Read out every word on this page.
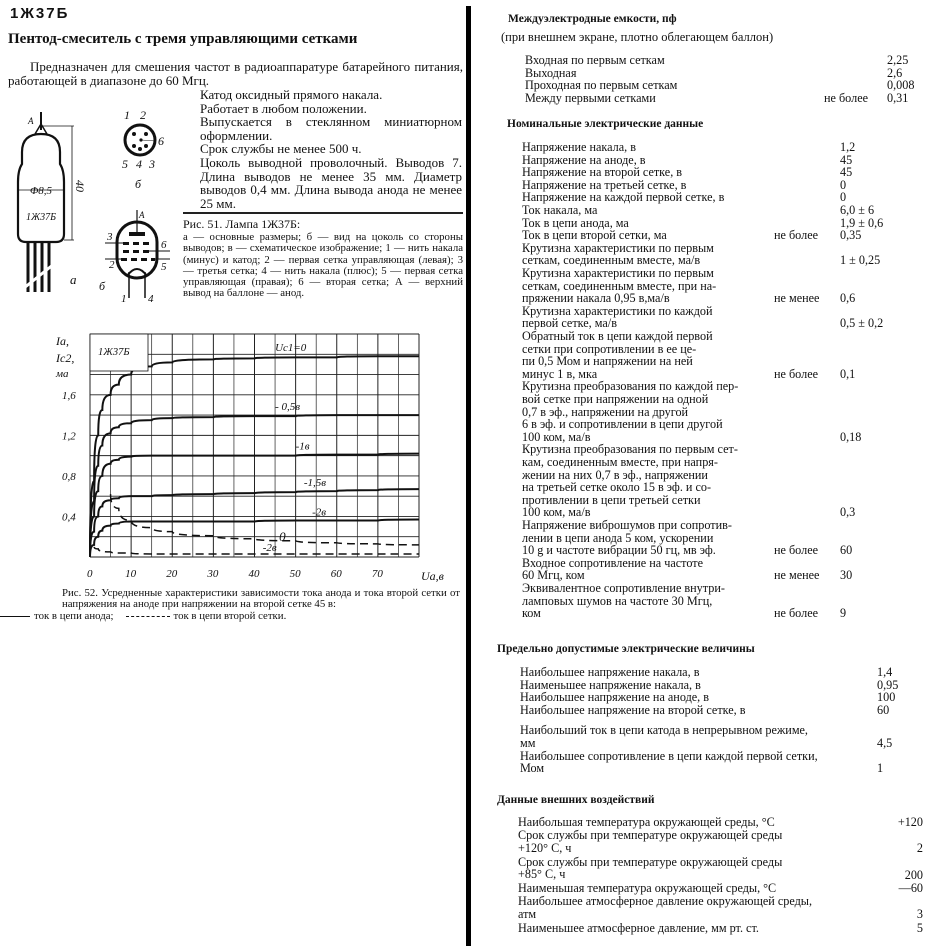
1Ж37Б
Пентод-смеситель с тремя управляющими сетками
Предназначен для смешения частот в радиоаппаратуре батарейного питания, работающей в диапазоне до 60 Мгц.

Катод оксидный прямого накала.

Работает в любом положении.

Выпускается в стеклянном миниатюрном оформлении.

Срок службы не менее 500 ч.

Цоколь выводной проволочный. Выводов 7. Длина выводов не менее 35 мм. Диаметр выводов 0,4 мм. Длина вывода анода не менее 25 мм.

Φ8,5
1Ж37Б
40
А
а
1 2
6
5 4 3
б
А
3
6
2	5
1 4
б
Рис. 51. Лампа 1Ж37Б:
а — основные размеры; б — вид на цоколь со стороны выводов; в — схематическое изображение; 1 — нить накала (минус) и катод; 2 — первая сетка управляющая (левая); 3 — третья сетка; 4 — нить накала (плюс); 5 — первая сетка управляющая (правая); 6 — вторая сетка; А — верхний вывод на баллоне — анод.
1Ж37Б
Iа,
Iс2,
ма
0	10	20	30	40	50	60	70
0,4
0,8
1,2
1,6
Uа,в
Uс1=0
- 0,5в
-1в
-1,5в
-2в
0
-2в
Рис. 52. Усредненные характеристики зависимости тока анода и тока второй сетки от напряжения на аноде при напряжении на второй сетке 45 в:
ток в цепи анода;	ток в цепи второй сетки.
Междуэлектродные емкости, пф
(при внешнем экране, плотно облегающем баллон)
Входная по первым сеткам	2,25
Выходная	2,6
Проходная по первым сеткам	0,008
Между первыми сетками	не более 0,31
Номинальные электрические данные
Напряжение накала, в	1,2
Напряжение на аноде, в	45
Напряжение на второй сетке, в	45
Напряжение на третьей сетке, в	0
Напряжение на каждой первой сетке, в	0
Ток накала, ма	6,0 ± 6
Ток в цепи анода, ма	1,9 ± 0,6
Ток в цепи второй сетки, ма	не более 0,35
Крутизна характеристики по первым
сеткам, соединенным вместе, ма/в	1 ± 0,25
Крутизна характеристики по первым
сеткам, соединенным вместе, при на-
пряжении накала 0,95 в,ма/в	не менее 0,6
Крутизна характеристики по каждой
первой сетке, ма/в	0,5 ± 0,2
Обратный ток в цепи каждой первой
сетки при сопротивлении в ее це-
пи 0,5 Мом и напряжении на ней
минус 1 в, мка	не более 0,1
Крутизна преобразования по каждой пер-
вой сетке при напряжении на одной
0,7 в эф., напряжении на другой
6 в эф. и сопротивлении в цепи другой
100 ком, ма/в	0,18
Крутизна преобразования по первым сет-
кам, соединенным вместе, при напря-
жении на них 0,7 в эф., напряжении
на третьей сетке около 15 в эф. и со-
противлении в цепи третьей сетки
100 ком, ма/в	0,3
Напряжение виброшумов при сопротив-
лении в цепи анода 5 ком, ускорении
10 g и частоте вибрации 50 гц, мв эф.	не более 60
Входное сопротивление на частоте
60 Мгц, ком	не менее 30
Эквивалентное сопротивление внутри-
ламповых шумов на частоте 30 Мгц,
ком	не более 9
Предельно допустимые электрические величины
Наибольшее напряжение накала, в	1,4
Наименьшее напряжение накала, в	0,95
Наибольшее напряжение на аноде, в	100
Наибольшее напряжение на второй сетке, в	60
Наибольший ток в цепи катода в непрерывном режиме,
мм	4,5
Наибольшее сопротивление в цепи каждой первой сетки,
Мом	1
Данные внешних воздействий
Наибольшая температура окружающей среды, °C	+120
Срок службы при температуре окружающей среды
+120° C, ч	2
Срок службы при температуре окружающей среды
+85° C, ч	200
Наименьшая температура окружающей среды, °C	—60
Наибольшее атмосферное давление окружающей среды,
атм	3
Наименьшее атмосферное давление, мм рт. ст.	5
